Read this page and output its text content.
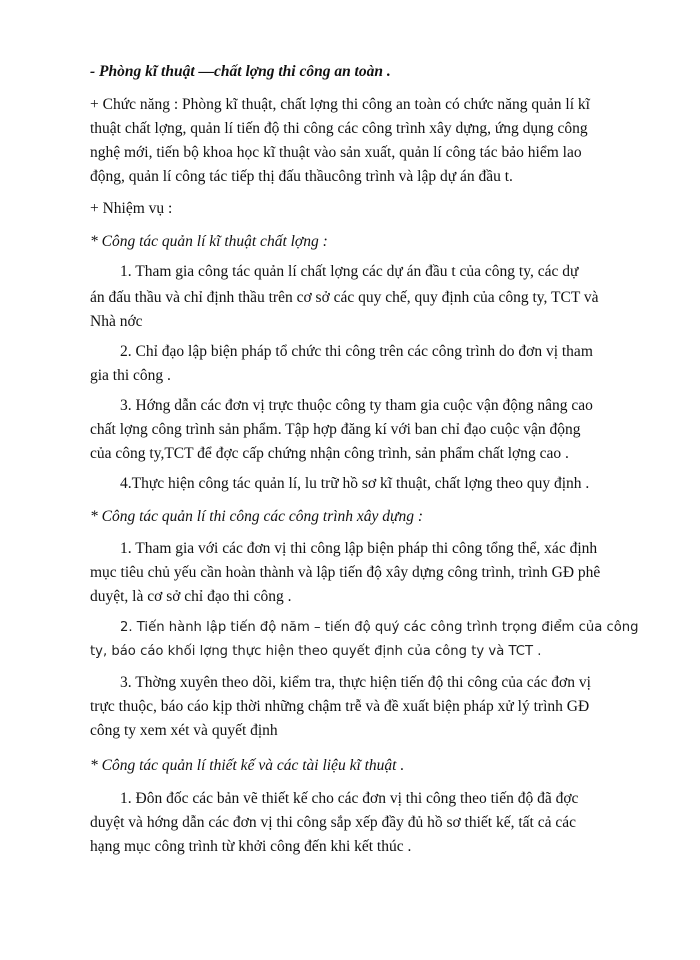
- Phòng kĩ thuật —chất lợng thi công an toàn .
+ Chức năng : Phòng kĩ thuật, chất lợng thi công an toàn có chức năng quản lí kĩ
thuật chất lợng, quản lí tiến độ thi công các công trình xây dựng, ứng dụng công
nghệ mới, tiến bộ khoa học kĩ thuật vào sản xuất, quản lí công tác bảo hiểm lao
động, quản lí công tác tiếp thị đấu thầucông trình và lập dự án đầu t.
+ Nhiệm vụ :
* Công tác quản lí kĩ thuật chất lợng :
1. Tham gia công tác quản lí chất lợng các dự án đầu t của công ty, các dự
án đấu thầu và chỉ định thầu trên cơ sở các quy chế, quy định của công ty, TCT và
Nhà nớc
2. Chỉ đạo lập biện pháp tổ chức thi công trên các công trình do đơn vị tham
gia thi công .
3. Hớng dẫn các đơn vị trực thuộc công ty tham gia cuộc vận động nâng cao
chất lợng công trình sản phẩm. Tập hợp đăng kí với ban chỉ đạo cuộc vận động
của công ty,TCT để đợc cấp chứng nhận công trình, sản phẩm chất lợng cao .
4.Thực hiện công tác quản lí, lu trữ hồ sơ kĩ thuật, chất lợng theo quy định .
* Công tác quản lí thi công các công trình xây dựng :
1. Tham gia với các đơn vị thi công lập biện pháp thi công tổng thể, xác định
mục tiêu chủ yếu cần hoàn thành và lập tiến độ xây dựng công trình, trình GĐ phê
duyệt, là cơ sở chỉ đạo thi công .
2. Tiến hành lập tiến độ năm – tiến độ quý các công trình trọng điểm của công
ty, báo cáo khối lợng thực hiện theo quyết định của công ty và TCT .
3. Thờng xuyên theo dõi, kiểm tra, thực hiện tiến độ thi công của các đơn vị
trực thuộc, báo cáo kịp thời những chậm trễ và đề xuất biện pháp xử lý trình GĐ
công ty xem xét và quyết định
* Công tác quản lí thiết kế và các tài liệu kĩ thuật .
1. Đôn đốc các bản vẽ thiết kế cho các đơn vị thi công theo tiến độ đã đợc
duyệt và hớng dẫn các đơn vị thi công sắp xếp đầy đủ hồ sơ thiết kế, tất cả các
hạng mục công trình từ khởi công đến khi kết thúc .
